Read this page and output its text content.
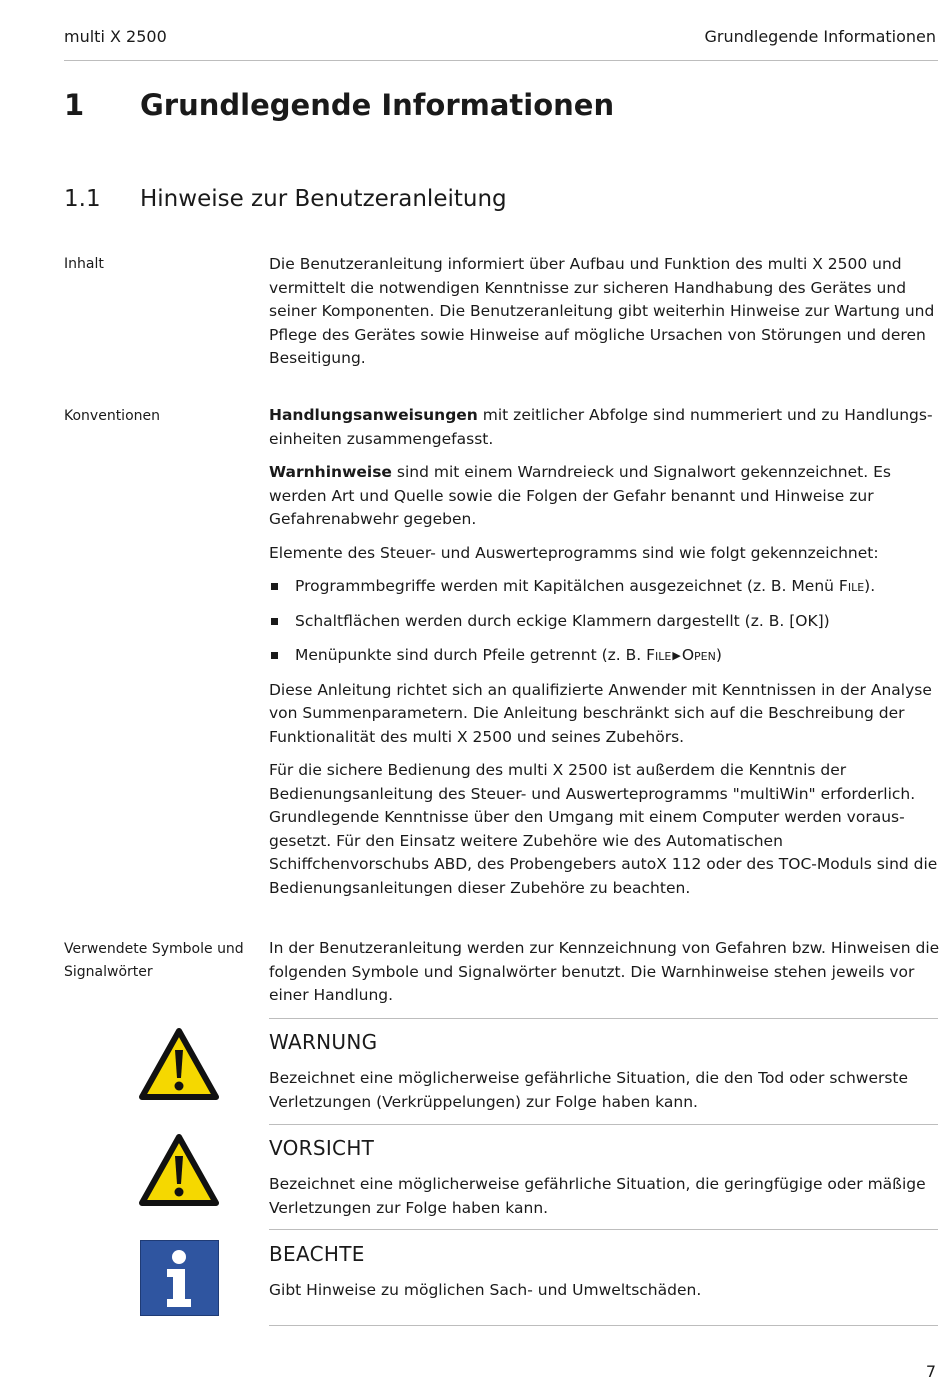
multi X 2500	Grundlegende Informationen
1 Grundlegende Informationen
1.1 Hinweise zur Benutzeranleitung
Inhalt	Die Benutzeranleitung informiert über Aufbau und Funktion des multi X 2500 und vermittelt die notwendigen Kenntnisse zur sicheren Handhabung des Gerätes und seiner Komponenten. Die Benutzeranleitung gibt weiterhin Hinweise zur Wartung und Pflege des Gerätes sowie Hinweise auf mögliche Ursachen von Störungen und deren Beseitigung.

Konventionen	Handlungsanweisungen mit zeitlicher Abfolge sind nummeriert und zu Handlungseinheiten zusammengefasst.

Warnhinweise sind mit einem Warndreieck und Signalwort gekennzeichnet. Es werden Art und Quelle sowie die Folgen der Gefahr benannt und Hinweise zur Gefahrenabwehr gegeben.

Elemente des Steuer- und Auswerteprogramms sind wie folgt gekennzeichnet:

Programmbegriffe werden mit Kapitälchen ausgezeichnet (z. B. Menü File).
Schaltflächen werden durch eckige Klammern dargestellt (z. B. [OK])
Menüpunkte sind durch Pfeile getrennt (z. B. File▶Open)

Diese Anleitung richtet sich an qualifizierte Anwender mit Kenntnissen in der Analyse von Summenparametern. Die Anleitung beschränkt sich auf die Beschreibung der Funktionalität des multi X 2500 und seines Zubehörs.

Für die sichere Bedienung des multi X 2500 ist außerdem die Kenntnis der Bedienungsanleitung des Steuer- und Auswerteprogramms "multiWin" erforderlich. Grundlegende Kenntnisse über den Umgang mit einem Computer werden vorausgesetzt. Für den Einsatz weitere Zubehöre wie des Automatischen Schiffchenvorschubs ABD, des Probengebers autoX 112 oder des TOC-Moduls sind die Bedienungsanleitungen dieser Zubehöre zu beachten.

Verwendete Symbole und Signalwörter

In der Benutzeranleitung werden zur Kennzeichnung von Gefahren bzw. Hinweisen die folgenden Symbole und Signalwörter benutzt. Die Warnhinweise stehen jeweils vor einer Handlung.

WARNUNG
Bezeichnet eine möglicherweise gefährliche Situation, die den Tod oder schwerste Verletzungen (Verkrüppelungen) zur Folge haben kann.
VORSICHT
Bezeichnet eine möglicherweise gefährliche Situation, die geringfügige oder mäßige Verletzungen zur Folge haben kann.
BEACHTE
Gibt Hinweise zu möglichen Sach- und Umweltschäden.
7
